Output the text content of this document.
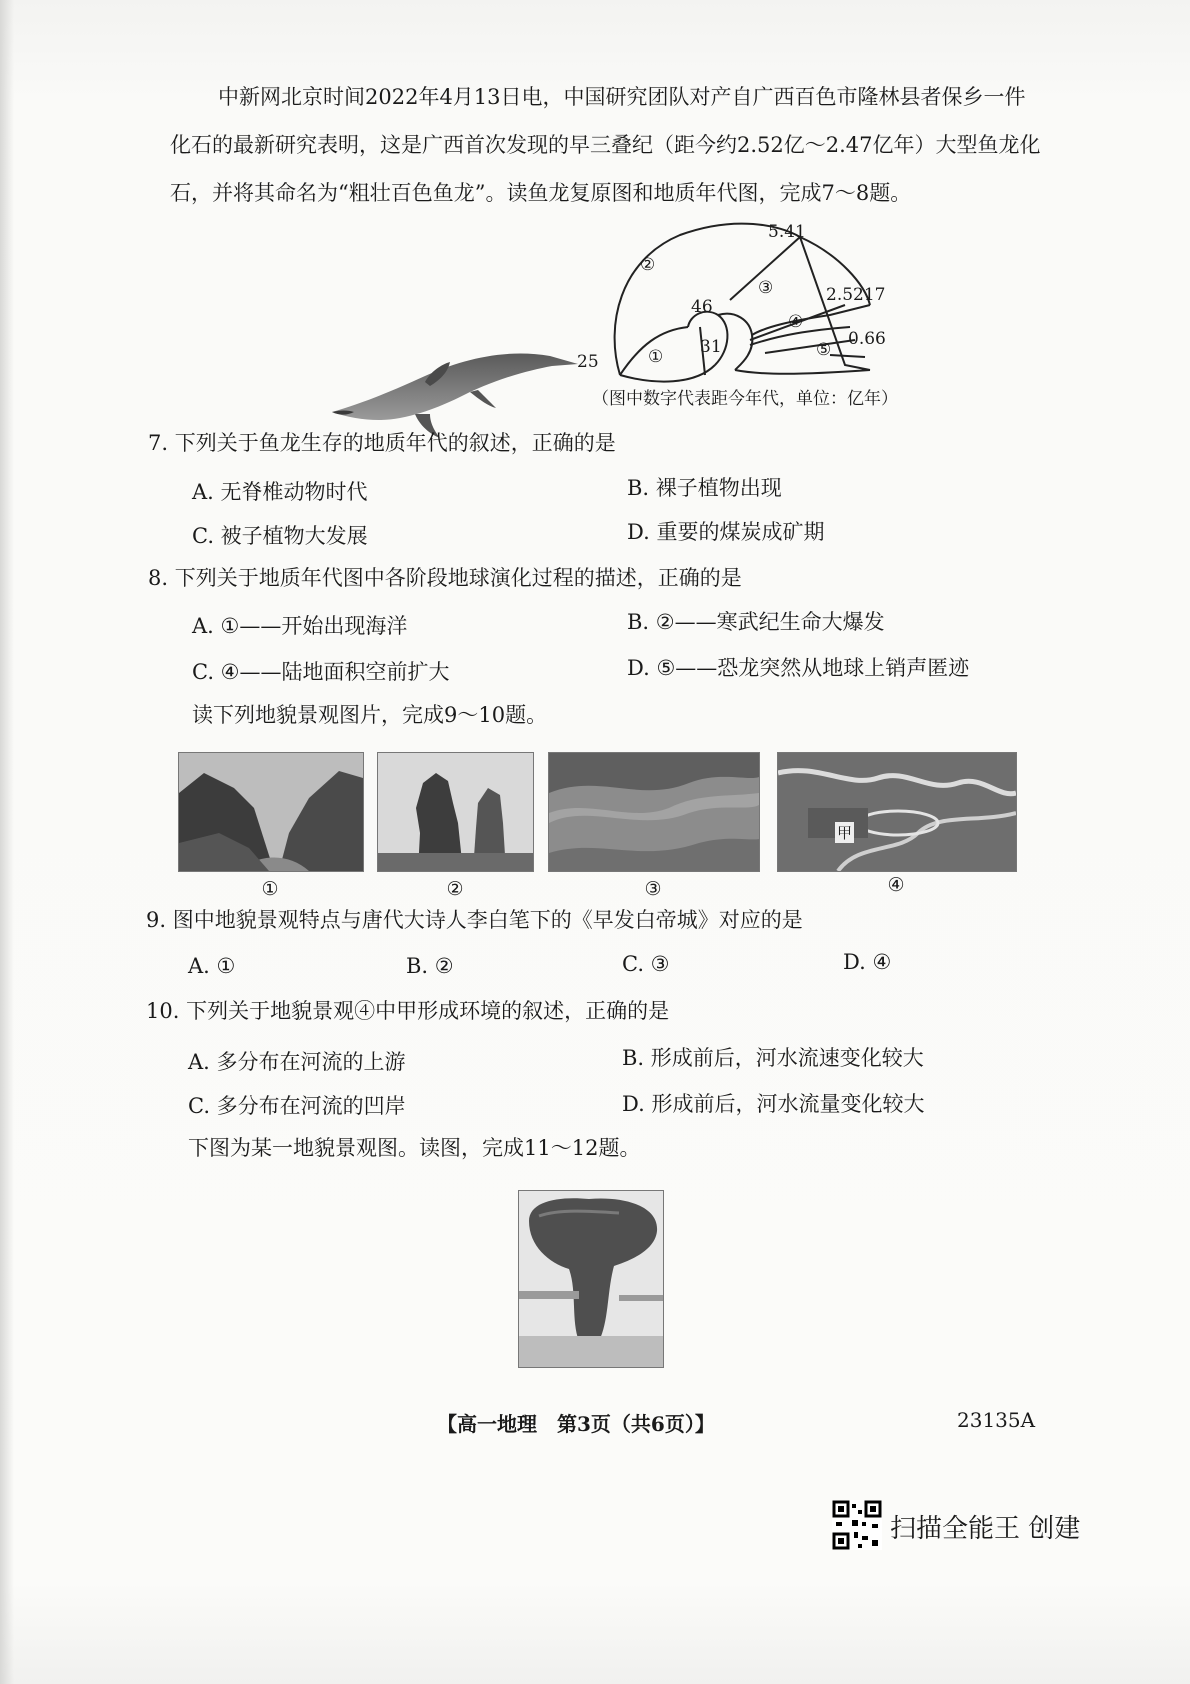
中新网北京时间2022年4月13日电，中国研究团队对产自广西百色市隆林县者保乡一件
化石的最新研究表明，这是广西首次发现的早三叠纪（距今约2.52亿～2.47亿年）大型鱼龙化
石，并将其命名为“粗壮百色鱼龙”。读鱼龙复原图和地质年代图，完成7～8题。
②
③
④
⑤
①
5.41
2.5217
0.66
46
31
25
（图中数字代表距今年代，单位：亿年）
7. 下列关于鱼龙生存的地质年代的叙述，正确的是
A. 无脊椎动物时代	B. 裸子植物出现
C. 被子植物大发展	D. 重要的煤炭成矿期
8. 下列关于地质年代图中各阶段地球演化过程的描述，正确的是
A. ①——开始出现海洋	B. ②——寒武纪生命大爆发
C. ④——陆地面积空前扩大	D. ⑤——恐龙突然从地球上销声匿迹
读下列地貌景观图片，完成9～10题。
甲
①	②	③	④
9. 图中地貌景观特点与唐代大诗人李白笔下的《早发白帝城》对应的是
A. ①	B. ②	C. ③	D. ④
10. 下列关于地貌景观④中甲形成环境的叙述，正确的是
A. 多分布在河流的上游	B. 形成前后，河水流速变化较大
C. 多分布在河流的凹岸	D. 形成前后，河水流量变化较大
下图为某一地貌景观图。读图，完成11～12题。
【高一地理　第3页（共6页）】	23135A
扫描全能王 创建
